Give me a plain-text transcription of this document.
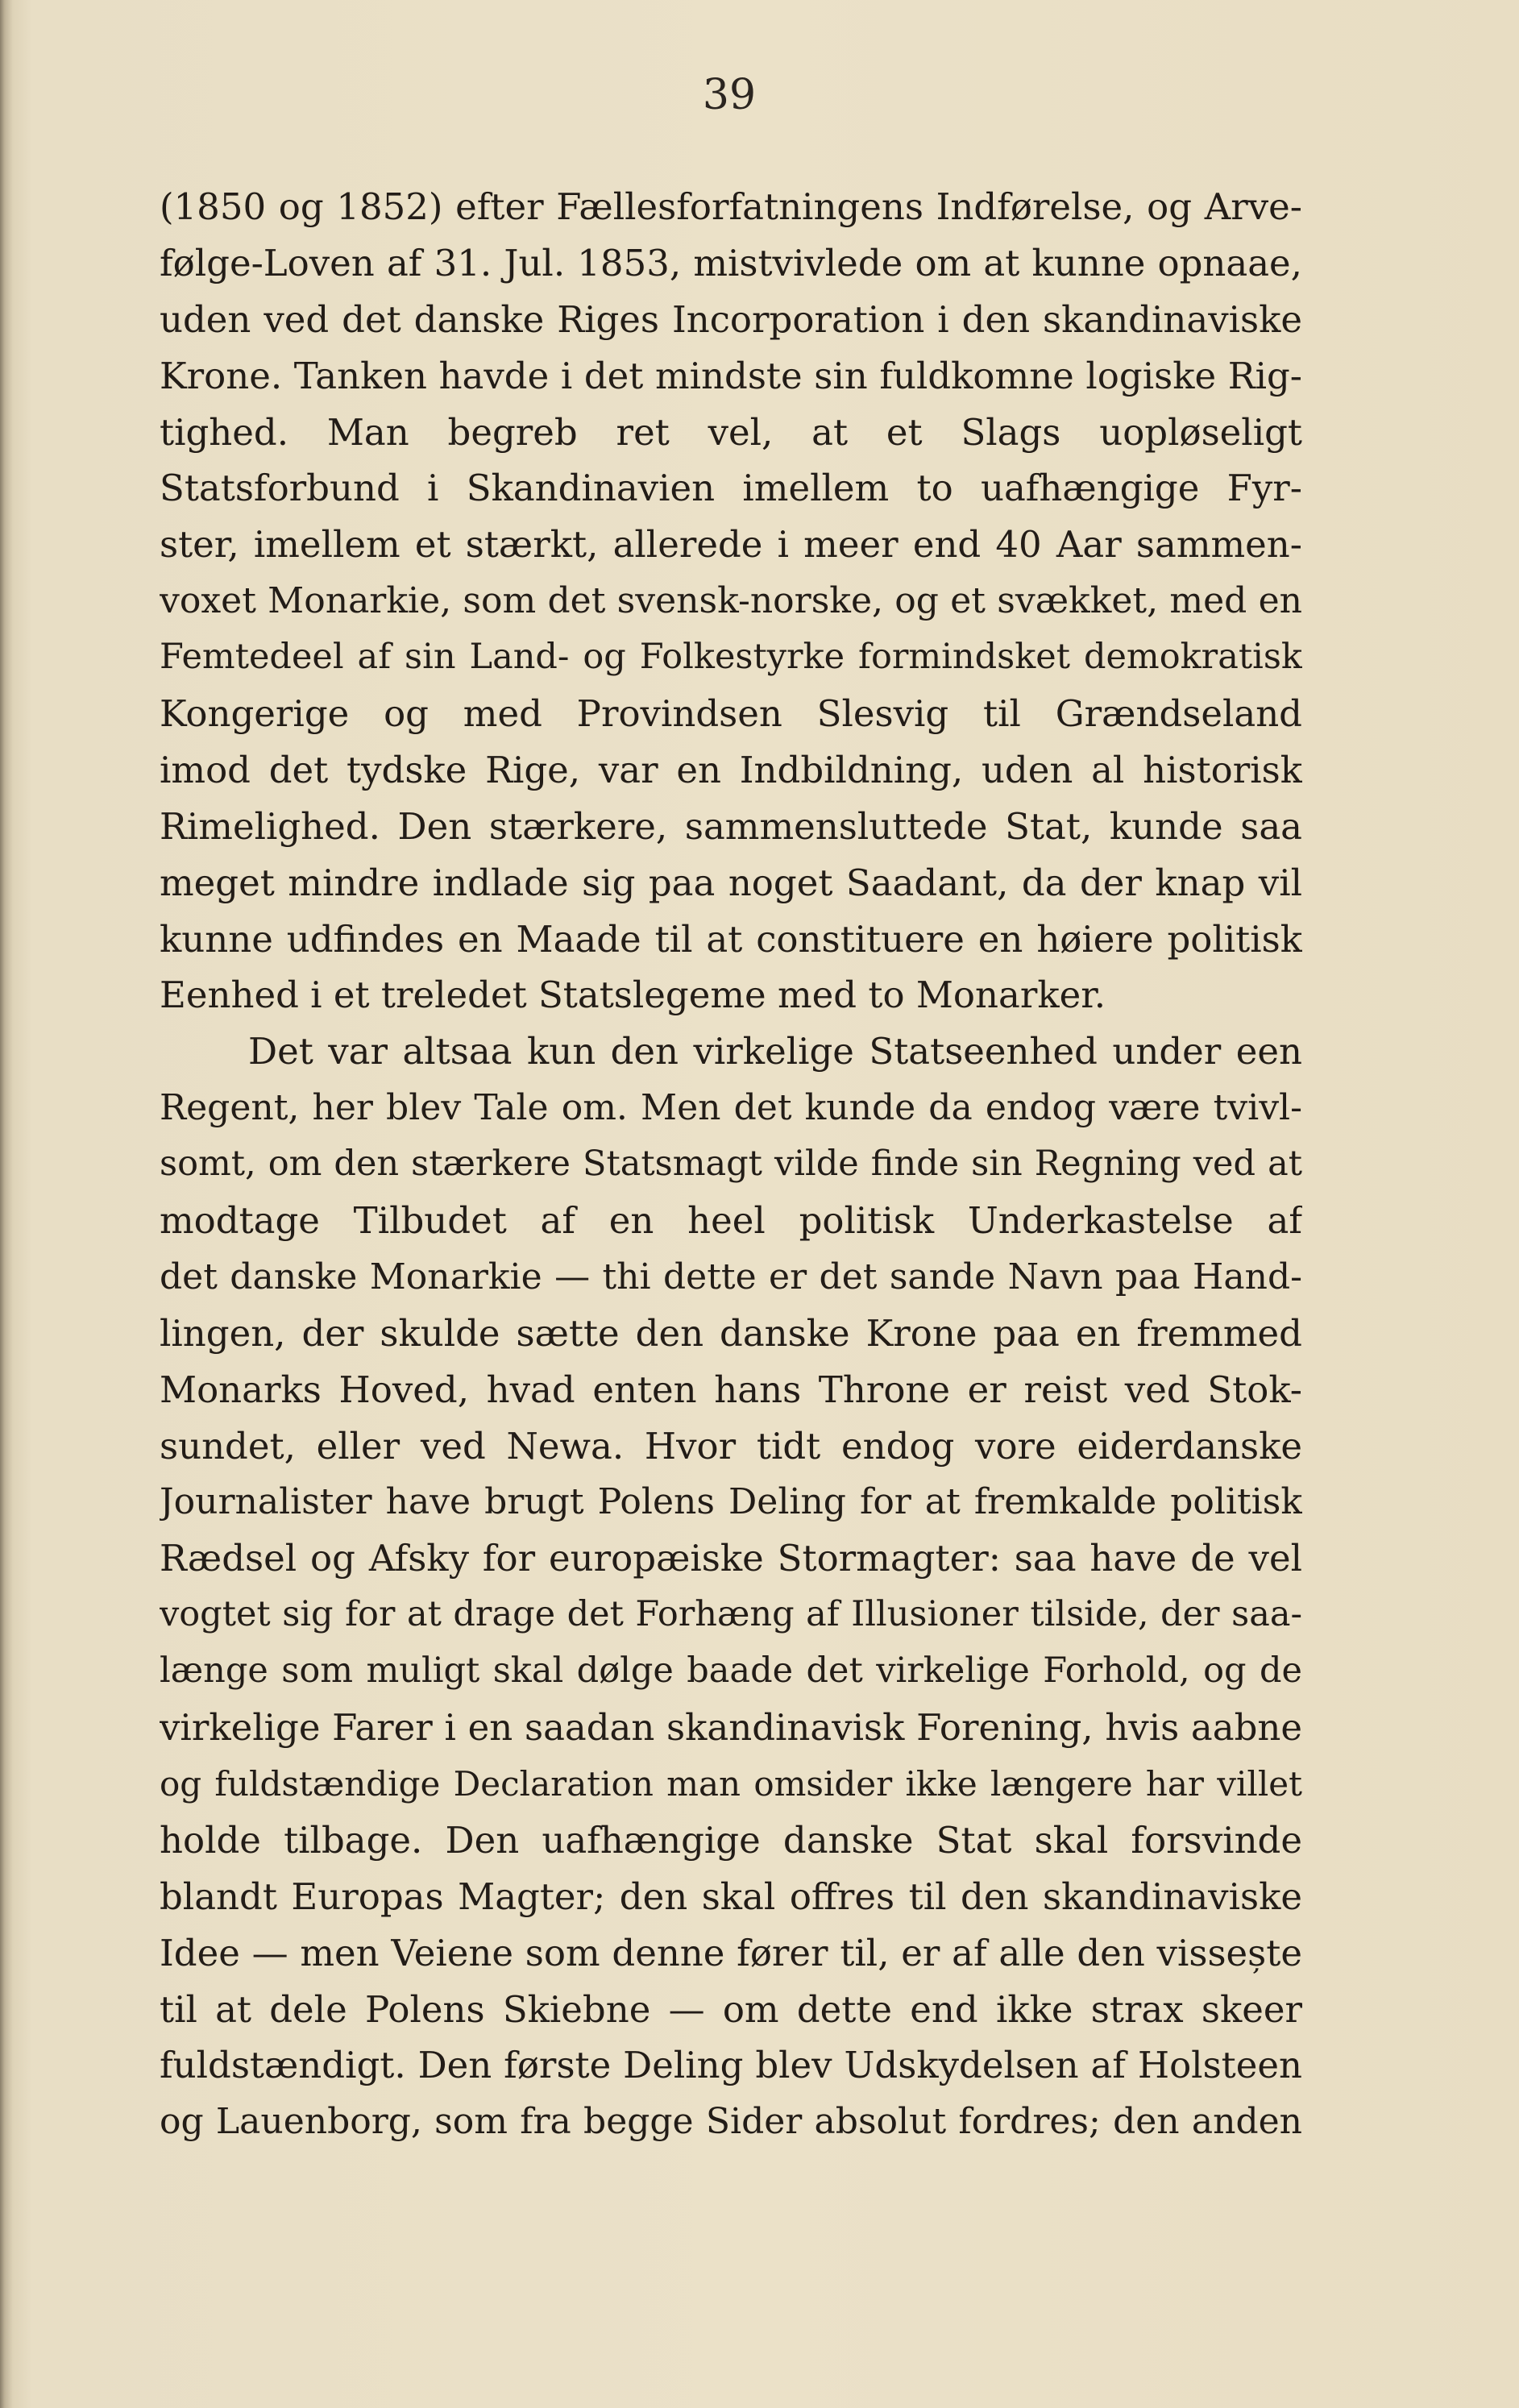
39
(1850 og 1852) efter Fællesforfatningens Indførelse, og Arve-
følge-Loven af 31. Jul. 1853, mistvivlede om at kunne opnaae,
uden ved det danske Riges Incorporation i den skandinaviske
Krone. Tanken havde i det mindste sin fuldkomne logiske Rig-
tighed. Man begreb ret vel, at et Slags uopløseligt
Statsforbund i Skandinavien imellem to uafhængige Fyr-
ster, imellem et stærkt, allerede i meer end 40 Aar sammen-
voxet Monarkie, som det svensk-norske, og et svækket, med en
Femtedeel af sin Land- og Folkestyrke formindsket demokratisk
Kongerige og med Provindsen Slesvig til Grændseland
imod det tydske Rige, var en Indbildning, uden al historisk
Rimelighed. Den stærkere, sammensluttede Stat, kunde saa
meget mindre indlade sig paa noget Saadant, da der knap vil
kunne udfindes en Maade til at constituere en høiere politisk
Eenhed i et treledet Statslegeme med to Monarker.
Det var altsaa kun den virkelige Statseenhed under een
Regent, her blev Tale om. Men det kunde da endog være tvivl-
somt, om den stærkere Statsmagt vilde finde sin Regning ved at
modtage Tilbudet af en heel politisk Underkastelse af
det danske Monarkie — thi dette er det sande Navn paa Hand-
lingen, der skulde sætte den danske Krone paa en fremmed
Monarks Hoved, hvad enten hans Throne er reist ved Stok-
sundet, eller ved Newa. Hvor tidt endog vore eiderdanske
Journalister have brugt Polens Deling for at fremkalde politisk
Rædsel og Afsky for europæiske Stormagter: saa have de vel
vogtet sig for at drage det Forhæng af Illusioner tilside, der saa-
længe som muligt skal dølge baade det virkelige Forhold, og de
virkelige Farer i en saadan skandinavisk Forening, hvis aabne
og fuldstændige Declaration man omsider ikke længere har villet
holde tilbage. Den uafhængige danske Stat skal forsvinde
blandt Europas Magter; den skal offres til den skandinaviske
Idee — men Veiene som denne fører til, er af alle den vissește
til at dele Polens Skiebne — om dette end ikke strax skeer
fuldstændigt. Den første Deling blev Udskydelsen af Holsteen
og Lauenborg, som fra begge Sider absolut fordres; den anden
